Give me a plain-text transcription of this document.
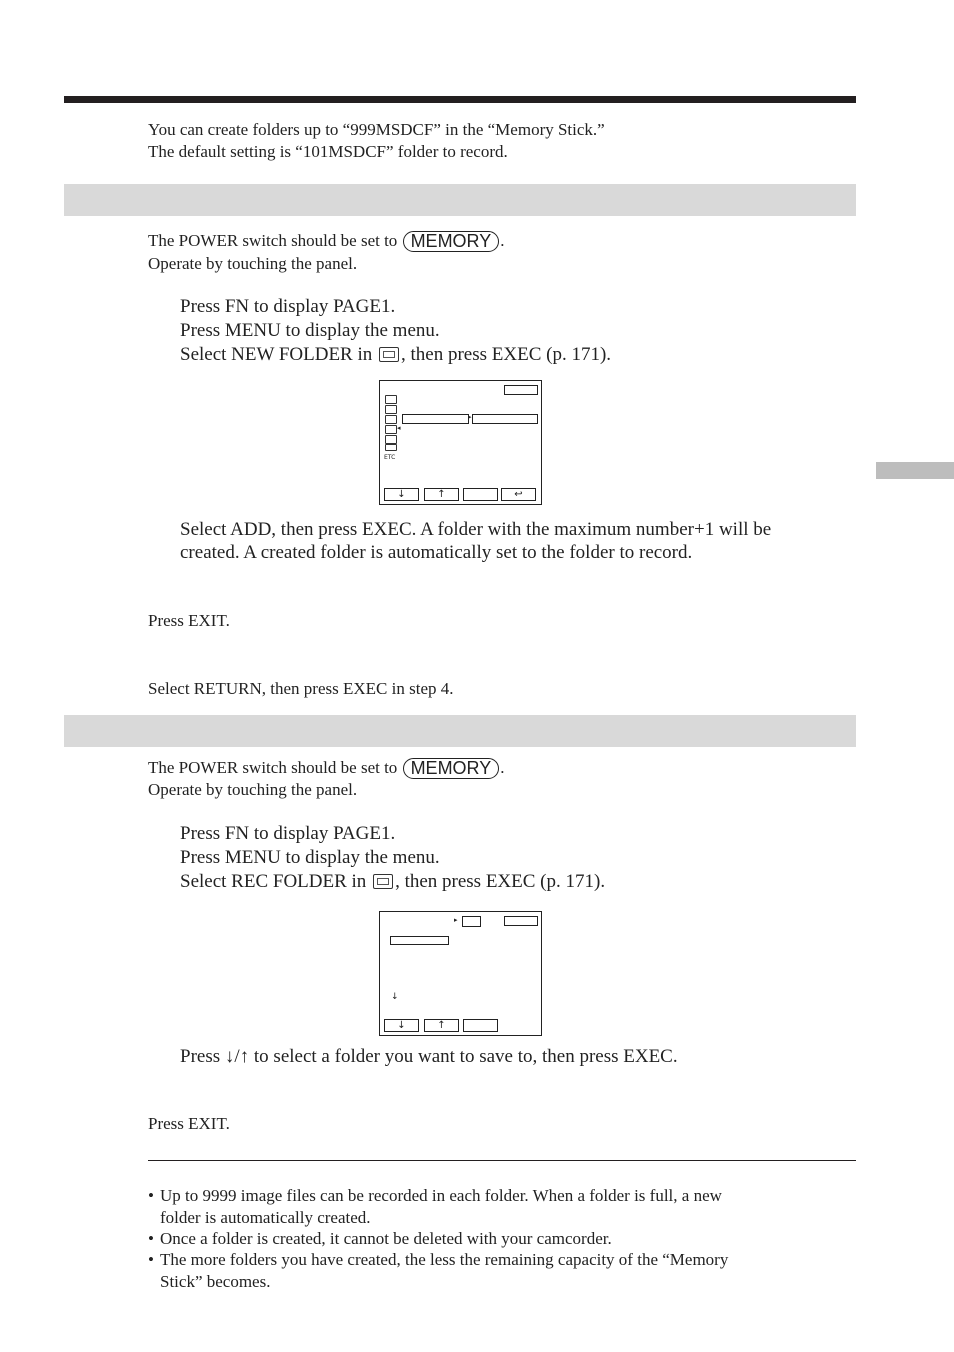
You can create folders up to “999MSDCF” in the “Memory Stick.”
The default setting is “101MSDCF” folder to record.
The POWER switch should be set to MEMORY .
Operate by touching the panel.
Press FN to display PAGE1.
Press MENU to display the menu.
Select NEW FOLDER in , then press EXEC (p. 171).
◂
ETC
▸
↓	↑	↩
Select ADD, then press EXEC. A folder with the maximum number+1 will be
created. A created folder is automatically set to the folder to record.
Press EXIT.
Select RETURN, then press EXEC in step 4.
The POWER switch should be set to MEMORY .
Operate by touching the panel.
Press FN to display PAGE1.
Press MENU to display the menu.
Select REC FOLDER in , then press EXEC (p. 171).
▸
↓
↓	↑
Press ↓/↑ to select a folder you want to save to, then press EXEC.
Press EXIT.
• Up to 9999 image files can be recorded in each folder. When a folder is full, a new
folder is automatically created.
• Once a folder is created, it cannot be deleted with your camcorder.
• The more folders you have created, the less the remaining capacity of the “Memory
Stick” becomes.
